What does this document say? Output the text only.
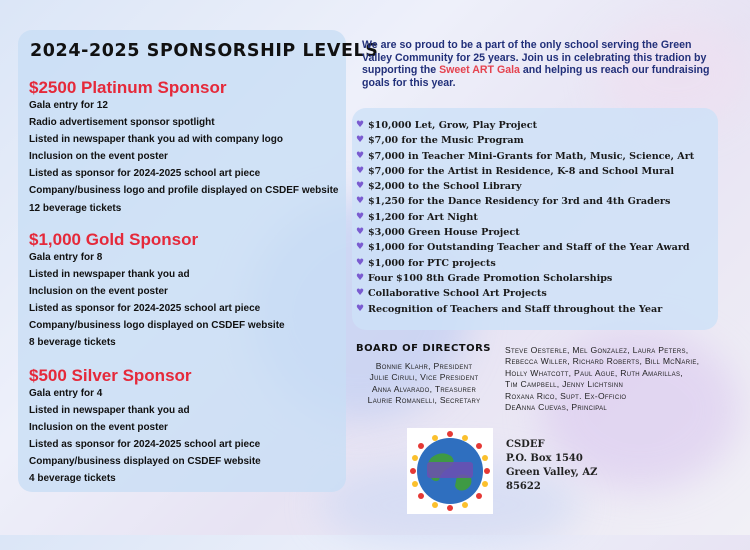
2024-2025 SPONSORSHIP LEVELS
$2500 Platinum Sponsor
Gala entry for 12
Radio advertisement sponsor spotlight
Listed in newspaper thank you ad with company logo
Inclusion on the event poster
Listed as sponsor for 2024-2025 school art piece
Company/business logo and profile displayed on CSDEF website
12 beverage tickets
$1,000 Gold Sponsor
Gala entry for 8
Listed in newspaper thank you ad
Inclusion on the event poster
Listed as sponsor for 2024-2025 school art piece
Company/business logo displayed on CSDEF website
8 beverage tickets
$500 Silver Sponsor
Gala entry for 4
Listed in newspaper thank you ad
Inclusion on the event poster
Listed as sponsor for 2024-2025 school art piece
Company/business displayed on CSDEF website
4 beverage tickets
We are so proud to be a part of the only school serving the Green Valley Community for 25 years. Join us in celebrating this tradion by supporting the Sweet ART Gala and helping us reach our fundraising goals for this year.
♥ $10,000 Let, Grow, Play Project
♥ $7,00 for the Music Program
♥ $7,000 in Teacher Mini-Grants for Math, Music, Science, Art
♥ $7,000 for the Artist in Residence, K-8 and School Mural
♥ $2,000 to the School Library
♥ $1,250 for the Dance Residency for 3rd and 4th Graders
♥ $1,200 for Art Night
♥ $3,000 Green House Project
♥ $1,000 for Outstanding Teacher and Staff of the Year Award
♥ $1,000 for PTC projects
♥ Four $100 8th Grade Promotion Scholarships
♥ Collaborative School Art Projects
♥ Recognition of Teachers and Staff throughout the Year
BOARD OF DIRECTORS
Bonnie Klahr, President
Julie Ciruli, Vice President
Anna Alvarado, Treasurer
Laurie Romanelli, Secretary
Steve Oesterle, Mel Gonzalez, Laura Peters,
Rebecca Willer, Richard Roberts, Bill McNarie,
Holly Whatcott, Paul Ague, Ruth Amarillas,
Tim Campbell, Jenny Lichtsinn
Roxana Rico, Supt. Ex-Officio
DeAnna Cuevas, Principal
CSDEF
P.O. Box 1540
Green Valley, AZ
85622
